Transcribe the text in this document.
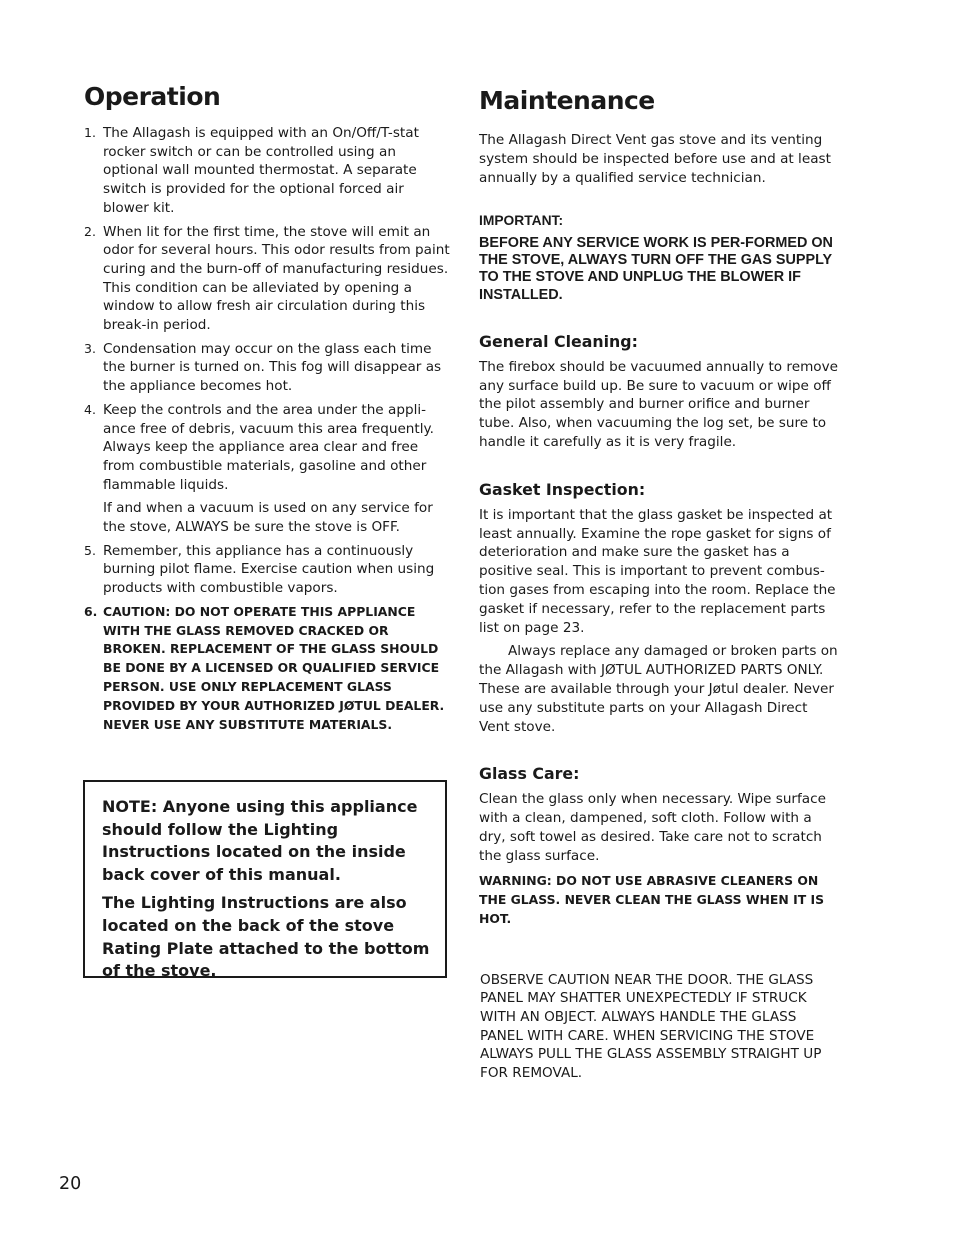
Operation
1. The Allagash is equipped with an On/Off/T-stat rocker switch or can be controlled using an optional wall mounted thermostat. A separate switch is provided for the optional forced air blower kit.

2. When lit for the first time, the stove will emit an odor for several hours. This odor results from paint curing and the burn-off of manufacturing residues. This condition can be alleviated by opening a window to allow fresh air circulation during this break-in period.

3. Condensation may occur on the glass each time the burner is turned on. This fog will disappear as the appliance becomes hot.

4. Keep the controls and the area under the appli-ance free of debris, vacuum this area frequently. Always keep the appliance area clear and free from combustible materials, gasoline and other flammable liquids.

If and when a vacuum is used on any service for the stove, ALWAYS be sure the stove is OFF.

5. Remember, this appliance has a continuously burning pilot flame. Exercise caution when using products with combustible vapors.

6. CAUTION: DO NOT OPERATE THIS APPLIANCE WITH THE GLASS REMOVED CRACKED OR BROKEN. REPLACEMENT OF THE GLASS SHOULD BE DONE BY A LICENSED OR QUALIFIED SERVICE PERSON. USE ONLY REPLACEMENT GLASS PROVIDED BY YOUR AUTHORIZED JØTUL DEALER. NEVER USE ANY SUBSTITUTE MATERIALS.

NOTE: Anyone using this appliance should follow the Lighting Instructions located on the inside back cover of this manual.

The Lighting Instructions are also located on the back of the stove Rating Plate attached to the bottom of the stove.

Maintenance

The Allagash Direct Vent gas stove and its venting system should be inspected before use and at least annually by a qualified service technician.

IMPORTANT:

BEFORE ANY SERVICE WORK IS PER-FORMED ON THE STOVE, ALWAYS TURN OFF THE GAS SUPPLY TO THE STOVE AND UNPLUG THE BLOWER IF INSTALLED.

General Cleaning:

The firebox should be vacuumed annually to remove any surface build up. Be sure to vacuum or wipe off the pilot assembly and burner orifice and burner tube. Also, when vacuuming the log set, be sure to handle it carefully as it is very fragile.

Gasket Inspection:

It is important that the glass gasket be inspected at least annually. Examine the rope gasket for signs of deterioration and make sure the gasket has a positive seal. This is important to prevent combus-tion gases from escaping into the room. Replace the gasket if necessary, refer to the replacement parts list on page 23.

Always replace any damaged or broken parts on the Allagash with JØTUL AUTHORIZED PARTS ONLY. These are available through your Jøtul dealer. Never use any substitute parts on your Allagash Direct Vent stove.

Glass Care:

Clean the glass only when necessary. Wipe surface with a clean, dampened, soft cloth. Follow with a dry, soft towel as desired. Take care not to scratch the glass surface.

WARNING: DO NOT USE ABRASIVE CLEANERS ON THE GLASS. NEVER CLEAN THE GLASS WHEN IT IS HOT.

OBSERVE CAUTION NEAR THE DOOR. THE GLASS PANEL MAY SHATTER UNEXPECTEDLY IF STRUCK WITH AN OBJECT. ALWAYS HANDLE THE GLASS PANEL WITH CARE. WHEN SERVICING THE STOVE ALWAYS PULL THE GLASS ASSEMBLY STRAIGHT UP FOR REMOVAL.

20
